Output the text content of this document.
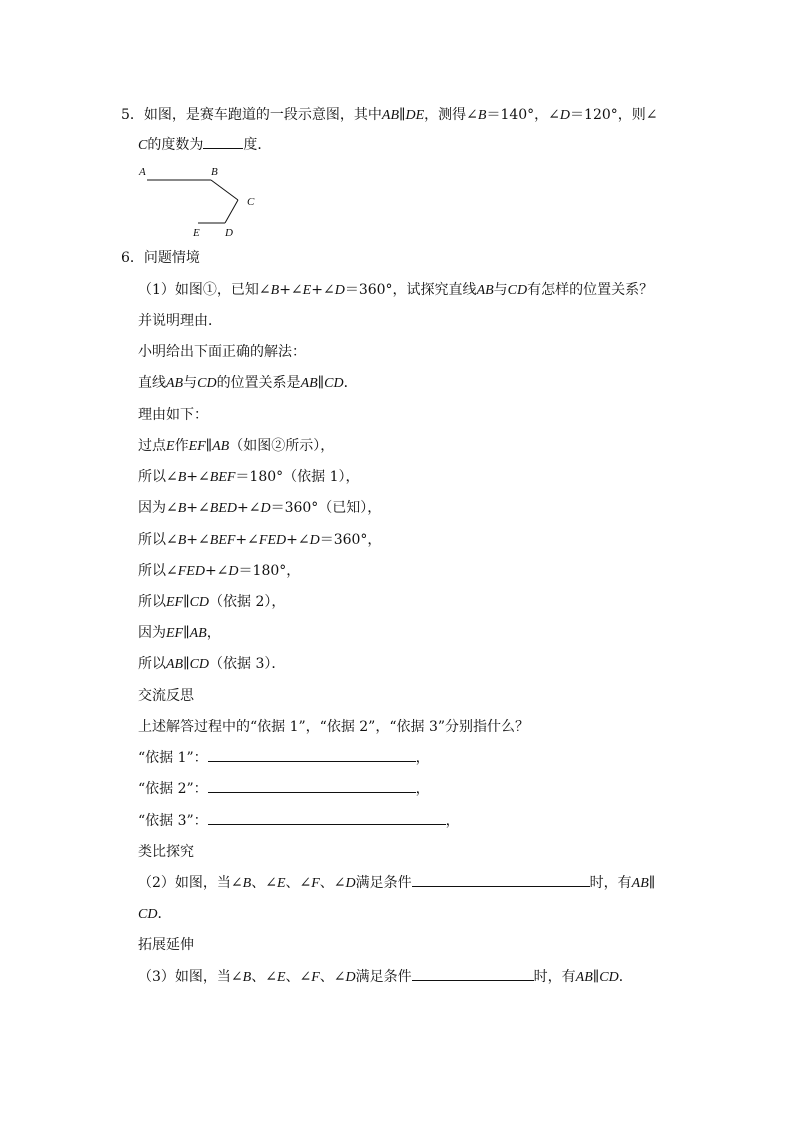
5．如图，是赛车跑道的一段示意图，其中AB∥DE，测得∠B＝140°，∠D＝120°，则∠
C的度数为	度．
A	B
C
D
E
6．问题情境
（1）如图①，已知∠B+∠E+∠D＝360°，试探究直线AB与CD有怎样的位置关系？
并说明理由．
小明给出下面正确的解法：
直线AB与CD的位置关系是AB∥CD．
理由如下：
过点E作EF∥AB（如图②所示），
所以∠B+∠BEF＝180°（依据 1），
因为∠B+∠BED+∠D＝360°（已知），
所以∠B+∠BEF+∠FED+∠D＝360°，
所以∠FED+∠D＝180°，
所以EF∥CD（依据 2），
因为EF∥AB，
所以AB∥CD（依据 3）．
交流反思
上述解答过程中的“依据 1”，“依据 2”，“依据 3”分别指什么？
“依据 1”：	，
“依据 2”：	，
“依据 3”：	，
类比探究
（2）如图，当∠B、∠E、∠F、∠D满足条件	时，有AB∥
CD．
拓展延伸
（3）如图，当∠B、∠E、∠F、∠D满足条件	时，有AB∥CD．
